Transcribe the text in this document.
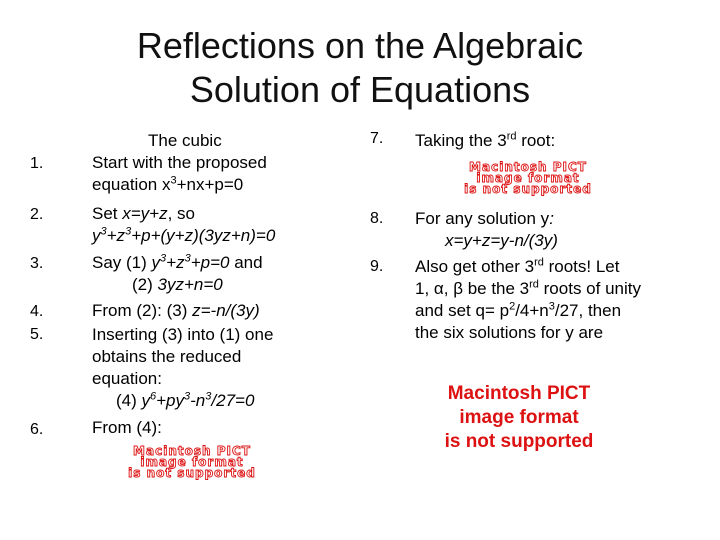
Reflections on the Algebraic
Solution of Equations
The cubic
1.
2.
3.
4.
5.
6.
Start with the proposed
equation $x^3+nx+p=0$
Set x=y+z, so
$y^3+z^3+p+(y+z)(3yz+n)=0$
Say (1) $y^3+z^3+p=0$ and
(2) 3yz+n=0
From (2): (3) z=-n/(3y)
Inserting (3) into (1) one
obtains the reduced
equation:
(4) $y^6+py^3-n^3/27=0$
From (4):
Macintosh PICT
image format
is not supported
7.
8.
9.
Taking the 3rd root:
Macintosh PICT
image format
is not supported
For any solution y:
x=y+z=y-n/(3y)
Also get other 3rd roots! Let
1, α, β be the 3rd roots of unity
and set $q= p^2/4+n^3/27$, then
the six solutions for y are
Macintosh PICT
image format
is not supported
